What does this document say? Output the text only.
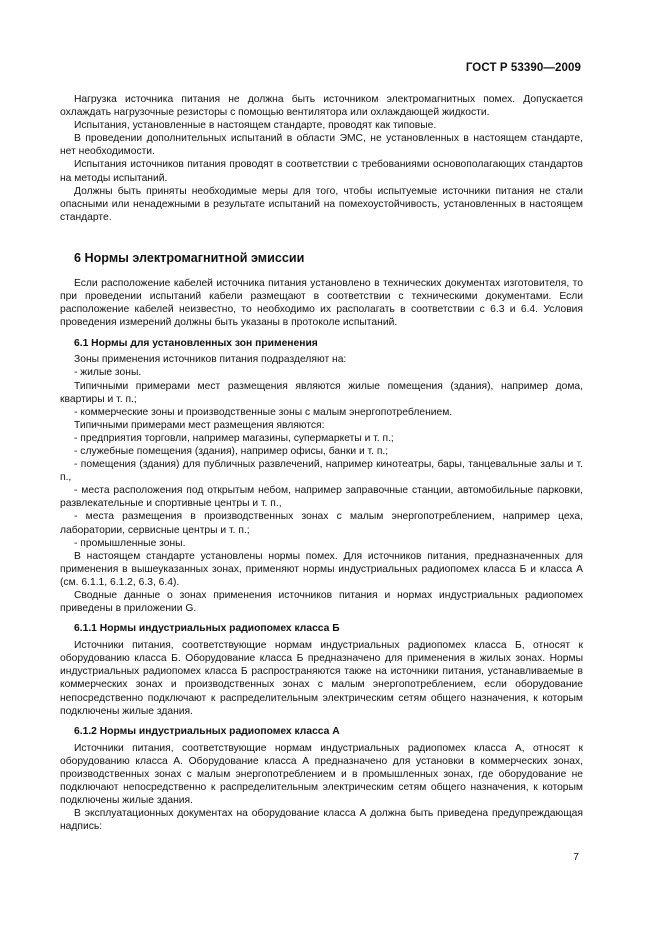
ГОСТ Р 53390—2009

Нагрузка источника питания не должна быть источником электромагнитных помех. Допускается охлаждать нагрузочные резисторы с помощью вентилятора или охлаждающей жидкости.

Испытания, установленные в настоящем стандарте, проводят как типовые.

В проведении дополнительных испытаний в области ЭМС, не установленных в настоящем стандарте, нет необходимости.

Испытания источников питания проводят в соответствии с требованиями основополагающих стандартов на методы испытаний.

Должны быть приняты необходимые меры для того, чтобы испытуемые источники питания не стали опасными или ненадежными в результате испытаний на помехоустойчивость, установленных в настоящем стандарте.

6 Нормы электромагнитной эмиссии

Если расположение кабелей источника питания установлено в технических документах изготовителя, то при проведении испытаний кабели размещают в соответствии с техническими документами. Если расположение кабелей неизвестно, то необходимо их располагать в соответствии с 6.3 и 6.4. Условия проведения измерений должны быть указаны в протоколе испытаний.

6.1 Нормы для установленных зон применения

Зоны применения источников питания подразделяют на:

- жилые зоны.

Типичными примерами мест размещения являются жилые помещения (здания), например дома, квартиры и т. п.;

- коммерческие зоны и производственные зоны с малым энергопотреблением.

Типичными примерами мест размещения являются:

- предприятия торговли, например магазины, супермаркеты и т. п.;

- служебные помещения (здания), например офисы, банки и т. п.;

- помещения (здания) для публичных развлечений, например кинотеатры, бары, танцевальные залы и т. п.,

- места расположения под открытым небом, например заправочные станции, автомобильные парковки, развлекательные и спортивные центры и т. п.,

- места размещения в производственных зонах с малым энергопотреблением, например цеха, лаборатории, сервисные центры и т. п.;

- промышленные зоны.

В настоящем стандарте установлены нормы помех. Для источников питания, предназначенных для применения в вышеуказанных зонах, применяют нормы индустриальных радиопомех класса Б и класса А (см. 6.1.1, 6.1.2, 6.3, 6.4).

Сводные данные о зонах применения источников питания и нормах индустриальных радиопомех приведены в приложении G.

6.1.1 Нормы индустриальных радиопомех класса Б

Источники питания, соответствующие нормам индустриальных радиопомех класса Б, относят к оборудованию класса Б. Оборудование класса Б предназначено для применения в жилых зонах. Нормы индустриальных радиопомех класса Б распространяются также на источники питания, устанавливаемые в коммерческих зонах и производственных зонах с малым энергопотреблением, если оборудование непосредственно подключают к распределительным электрическим сетям общего назначения, к которым подключены жилые здания.

6.1.2 Нормы индустриальных радиопомех класса А

Источники питания, соответствующие нормам индустриальных радиопомех класса А, относят к оборудованию класса А. Оборудование класса А предназначено для установки в коммерческих зонах, производственных зонах с малым энергопотреблением и в промышленных зонах, где оборудование не подключают непосредственно к распределительным электрическим сетям общего назначения, к которым подключены жилые здания.

В эксплуатационных документах на оборудование класса А должна быть приведена предупреждающая надпись:

7
